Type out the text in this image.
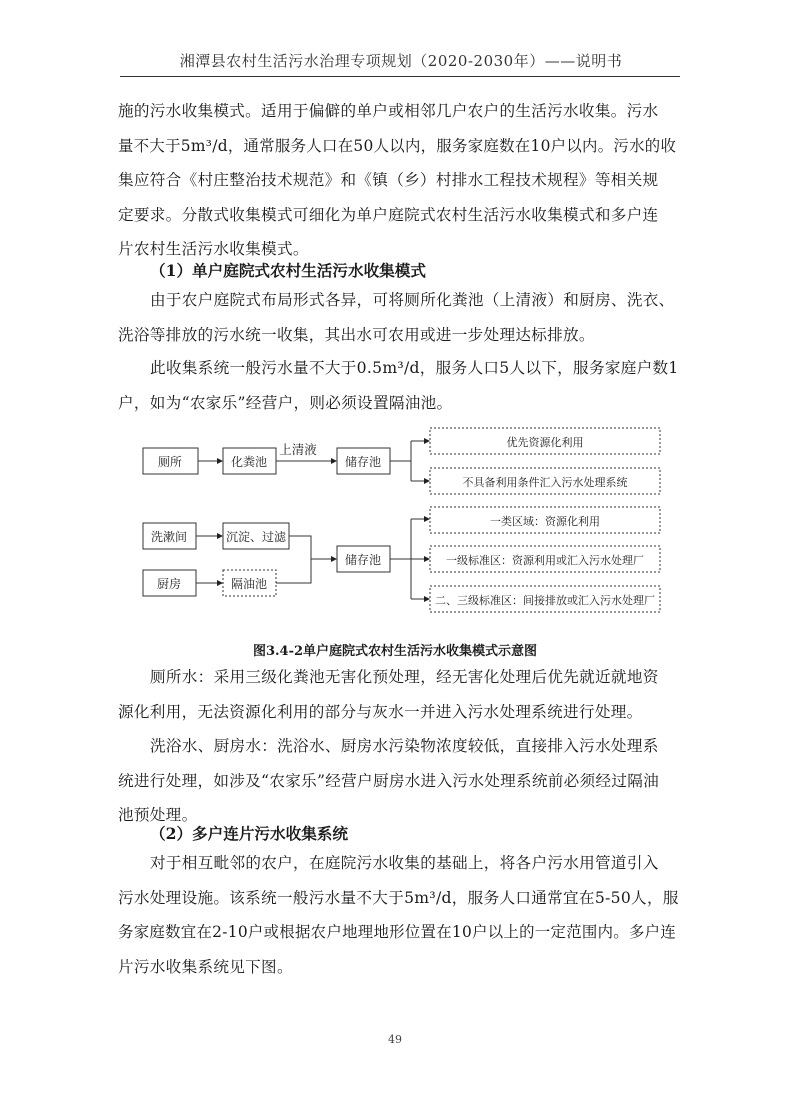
湘潭县农村生活污水治理专项规划（2020-2030年）——说明书
施的污水收集模式。适用于偏僻的单户或相邻几户农户的生活污水收集。污水
量不大于5m³/d，通常服务人口在50人以内，服务家庭数在10户以内。污水的收
集应符合《村庄整治技术规范》和《镇（乡）村排水工程技术规程》等相关规
定要求。分散式收集模式可细化为单户庭院式农村生活污水收集模式和多户连
片农村生活污水收集模式。
（1）单户庭院式农村生活污水收集模式
由于农户庭院式布局形式各异，可将厕所化粪池（上清液）和厨房、洗衣、
洗浴等排放的污水统一收集，其出水可农用或进一步处理达标排放。
此收集系统一般污水量不大于0.5m³/d，服务人口5人以下，服务家庭户数1
户，如为“农家乐”经营户，则必须设置隔油池。
厕所	化粪池	储存池
上清液
洗漱间	沉淀、过滤
厨房	隔油池
储存池
优先资源化利用
不具备利用条件汇入污水处理系统
一类区域：资源化利用
一级标准区：资源利用或汇入污水处理厂
二、三级标准区：间接排放或汇入污水处理厂
图3.4-2单户庭院式农村生活污水收集模式示意图
厕所水：采用三级化粪池无害化预处理，经无害化处理后优先就近就地资
源化利用，无法资源化利用的部分与灰水一并进入污水处理系统进行处理。
洗浴水、厨房水：洗浴水、厨房水污染物浓度较低，直接排入污水处理系
统进行处理，如涉及“农家乐”经营户厨房水进入污水处理系统前必须经过隔油
池预处理。
（2）多户连片污水收集系统
对于相互毗邻的农户，在庭院污水收集的基础上，将各户污水用管道引入
污水处理设施。该系统一般污水量不大于5m³/d，服务人口通常宜在5-50人，服
务家庭数宜在2-10户或根据农户地理地形位置在10户以上的一定范围内。多户连
片污水收集系统见下图。
49
